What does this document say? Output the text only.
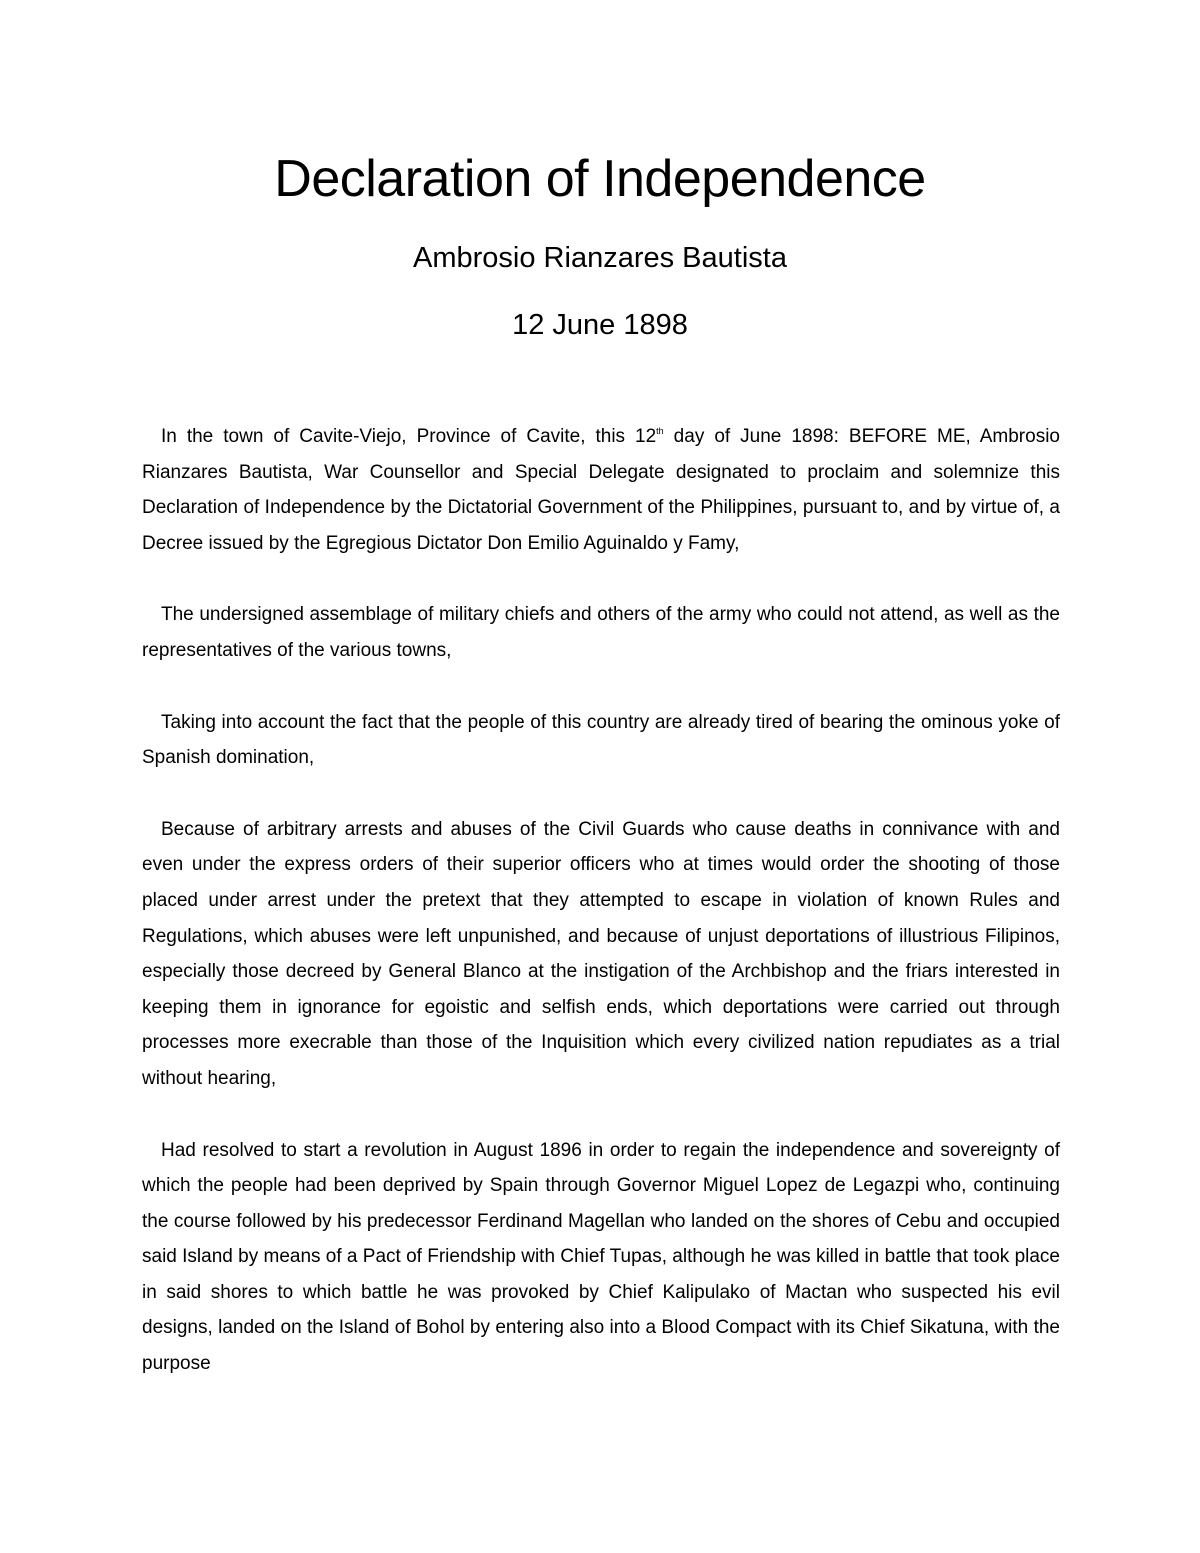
Declaration of Independence
Ambrosio Rianzares Bautista
12 June 1898

In the town of Cavite-Viejo, Province of Cavite, this 12th day of June 1898: BEFORE ME, Ambrosio Rianzares Bautista, War Counsellor and Special Delegate designated to proclaim and solemnize this Declaration of Independence by the Dictatorial Government of the Philippines, pursuant to, and by virtue of, a Decree issued by the Egregious Dictator Don Emilio Aguinaldo y Famy,

The undersigned assemblage of military chiefs and others of the army who could not attend, as well as the representatives of the various towns,

Taking into account the fact that the people of this country are already tired of bearing the ominous yoke of Spanish domination,

Because of arbitrary arrests and abuses of the Civil Guards who cause deaths in connivance with and even under the express orders of their superior officers who at times would order the shooting of those placed under arrest under the pretext that they attempted to escape in violation of known Rules and Regulations, which abuses were left unpunished, and because of unjust deportations of illustrious Filipinos, especially those decreed by General Blanco at the instigation of the Archbishop and the friars interested in keeping them in ignorance for egoistic and selfish ends, which deportations were carried out through processes more execrable than those of the Inquisition which every civilized nation repudiates as a trial without hearing,

Had resolved to start a revolution in August 1896 in order to regain the independence and sovereignty of which the people had been deprived by Spain through Governor Miguel Lopez de Legazpi who, continuing the course followed by his predecessor Ferdinand Magellan who landed on the shores of Cebu and occupied said Island by means of a Pact of Friendship with Chief Tupas, although he was killed in battle that took place in said shores to which battle he was provoked by Chief Kalipulako of Mactan who suspected his evil designs, landed on the Island of Bohol by entering also into a Blood Compact with its Chief Sikatuna, with the purpose
